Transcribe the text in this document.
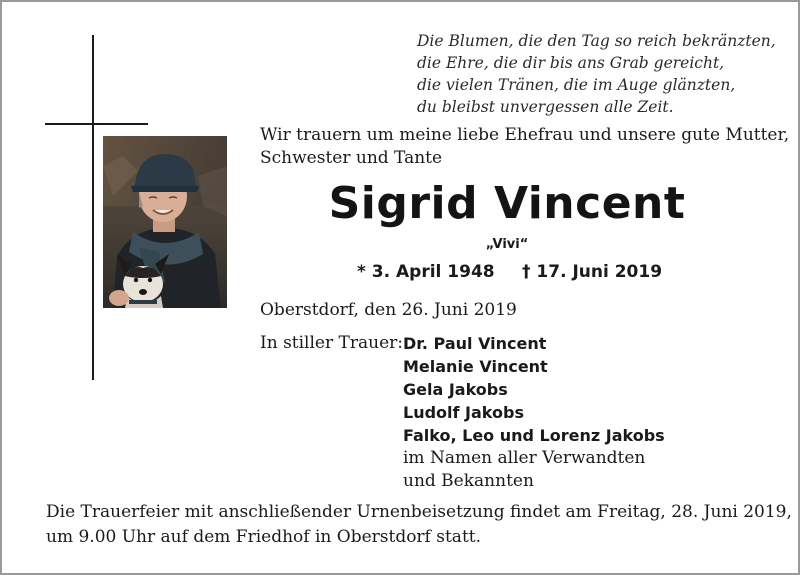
Die Blumen, die den Tag so reich bekränzten,
die Ehre, die dir bis ans Grab gereicht,
die vielen Tränen, die im Auge glänzten,
du bleibst unvergessen alle Zeit.
Wir trauern um meine liebe Ehefrau und unsere gute Mutter,
Schwester und Tante
Sigrid Vincent
„Vivi“
* 3. April 1948 † 17. Juni 2019
Oberstdorf, den 26. Juni 2019
In stiller Trauer: Dr. Paul Vincent
Melanie Vincent
Gela Jakobs
Ludolf Jakobs
Falko, Leo und Lorenz Jakobs
im Namen aller Verwandten
und Bekannten
Die Trauerfeier mit anschließender Urnenbeisetzung findet am Freitag, 28. Juni 2019,
um 9.00 Uhr auf dem Friedhof in Oberstdorf statt.
